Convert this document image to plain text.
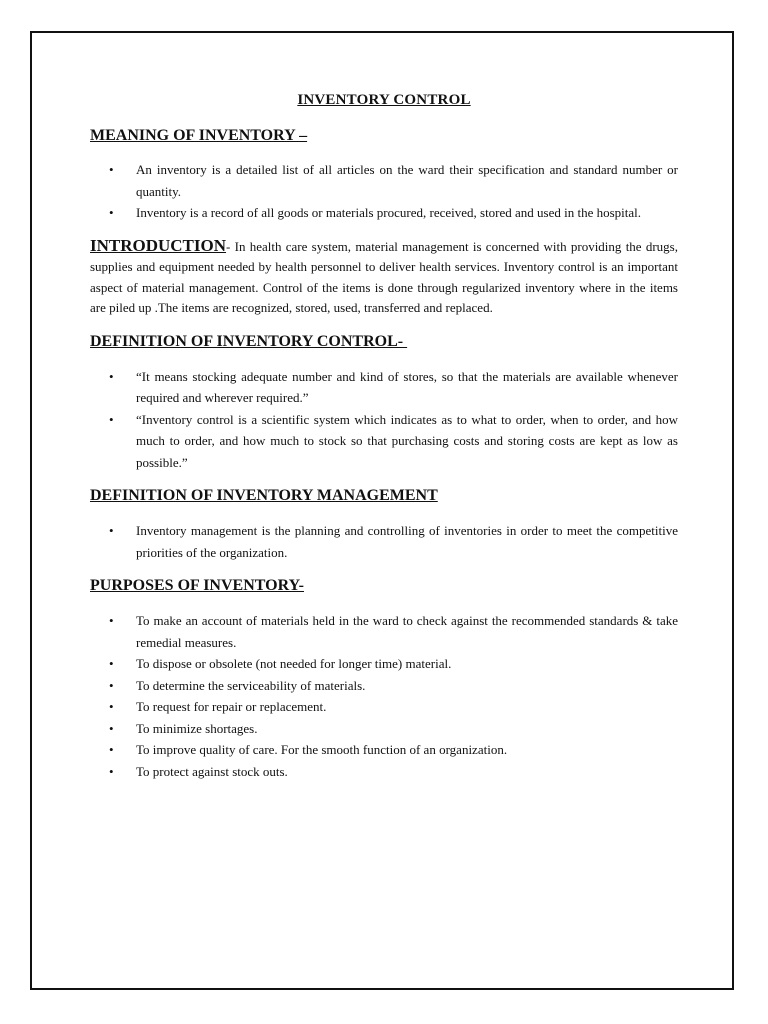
INVENTORY CONTROL
MEANING OF INVENTORY –
• An inventory is a detailed list of all articles on the ward their specification and standard number or quantity.
• Inventory is a record of all goods or materials procured, received, stored and used in the hospital.

INTRODUCTION- In health care system, material management is concerned with providing the drugs, supplies and equipment needed by health personnel to deliver health services. Inventory control is an important aspect of material management. Control of the items is done through regularized inventory where in the items are piled up .The items are recognized, stored, used, transferred and replaced.

DEFINITION OF INVENTORY CONTROL-
• “It means stocking adequate number and kind of stores, so that the materials are available whenever required and wherever required.”
• “Inventory control is a scientific system which indicates as to what to order, when to order, and how much to order, and how much to stock so that purchasing costs and storing costs are kept as low as possible.”
DEFINITION OF INVENTORY MANAGEMENT
• Inventory management is the planning and controlling of inventories in order to meet the competitive priorities of the organization.
PURPOSES OF INVENTORY-
• To make an account of materials held in the ward to check against the recommended standards & take remedial measures.
• To dispose or obsolete (not needed for longer time) material.
• To determine the serviceability of materials.
• To request for repair or replacement.
• To minimize shortages.
• To improve quality of care. For the smooth function of an organization.
• To protect against stock outs.
